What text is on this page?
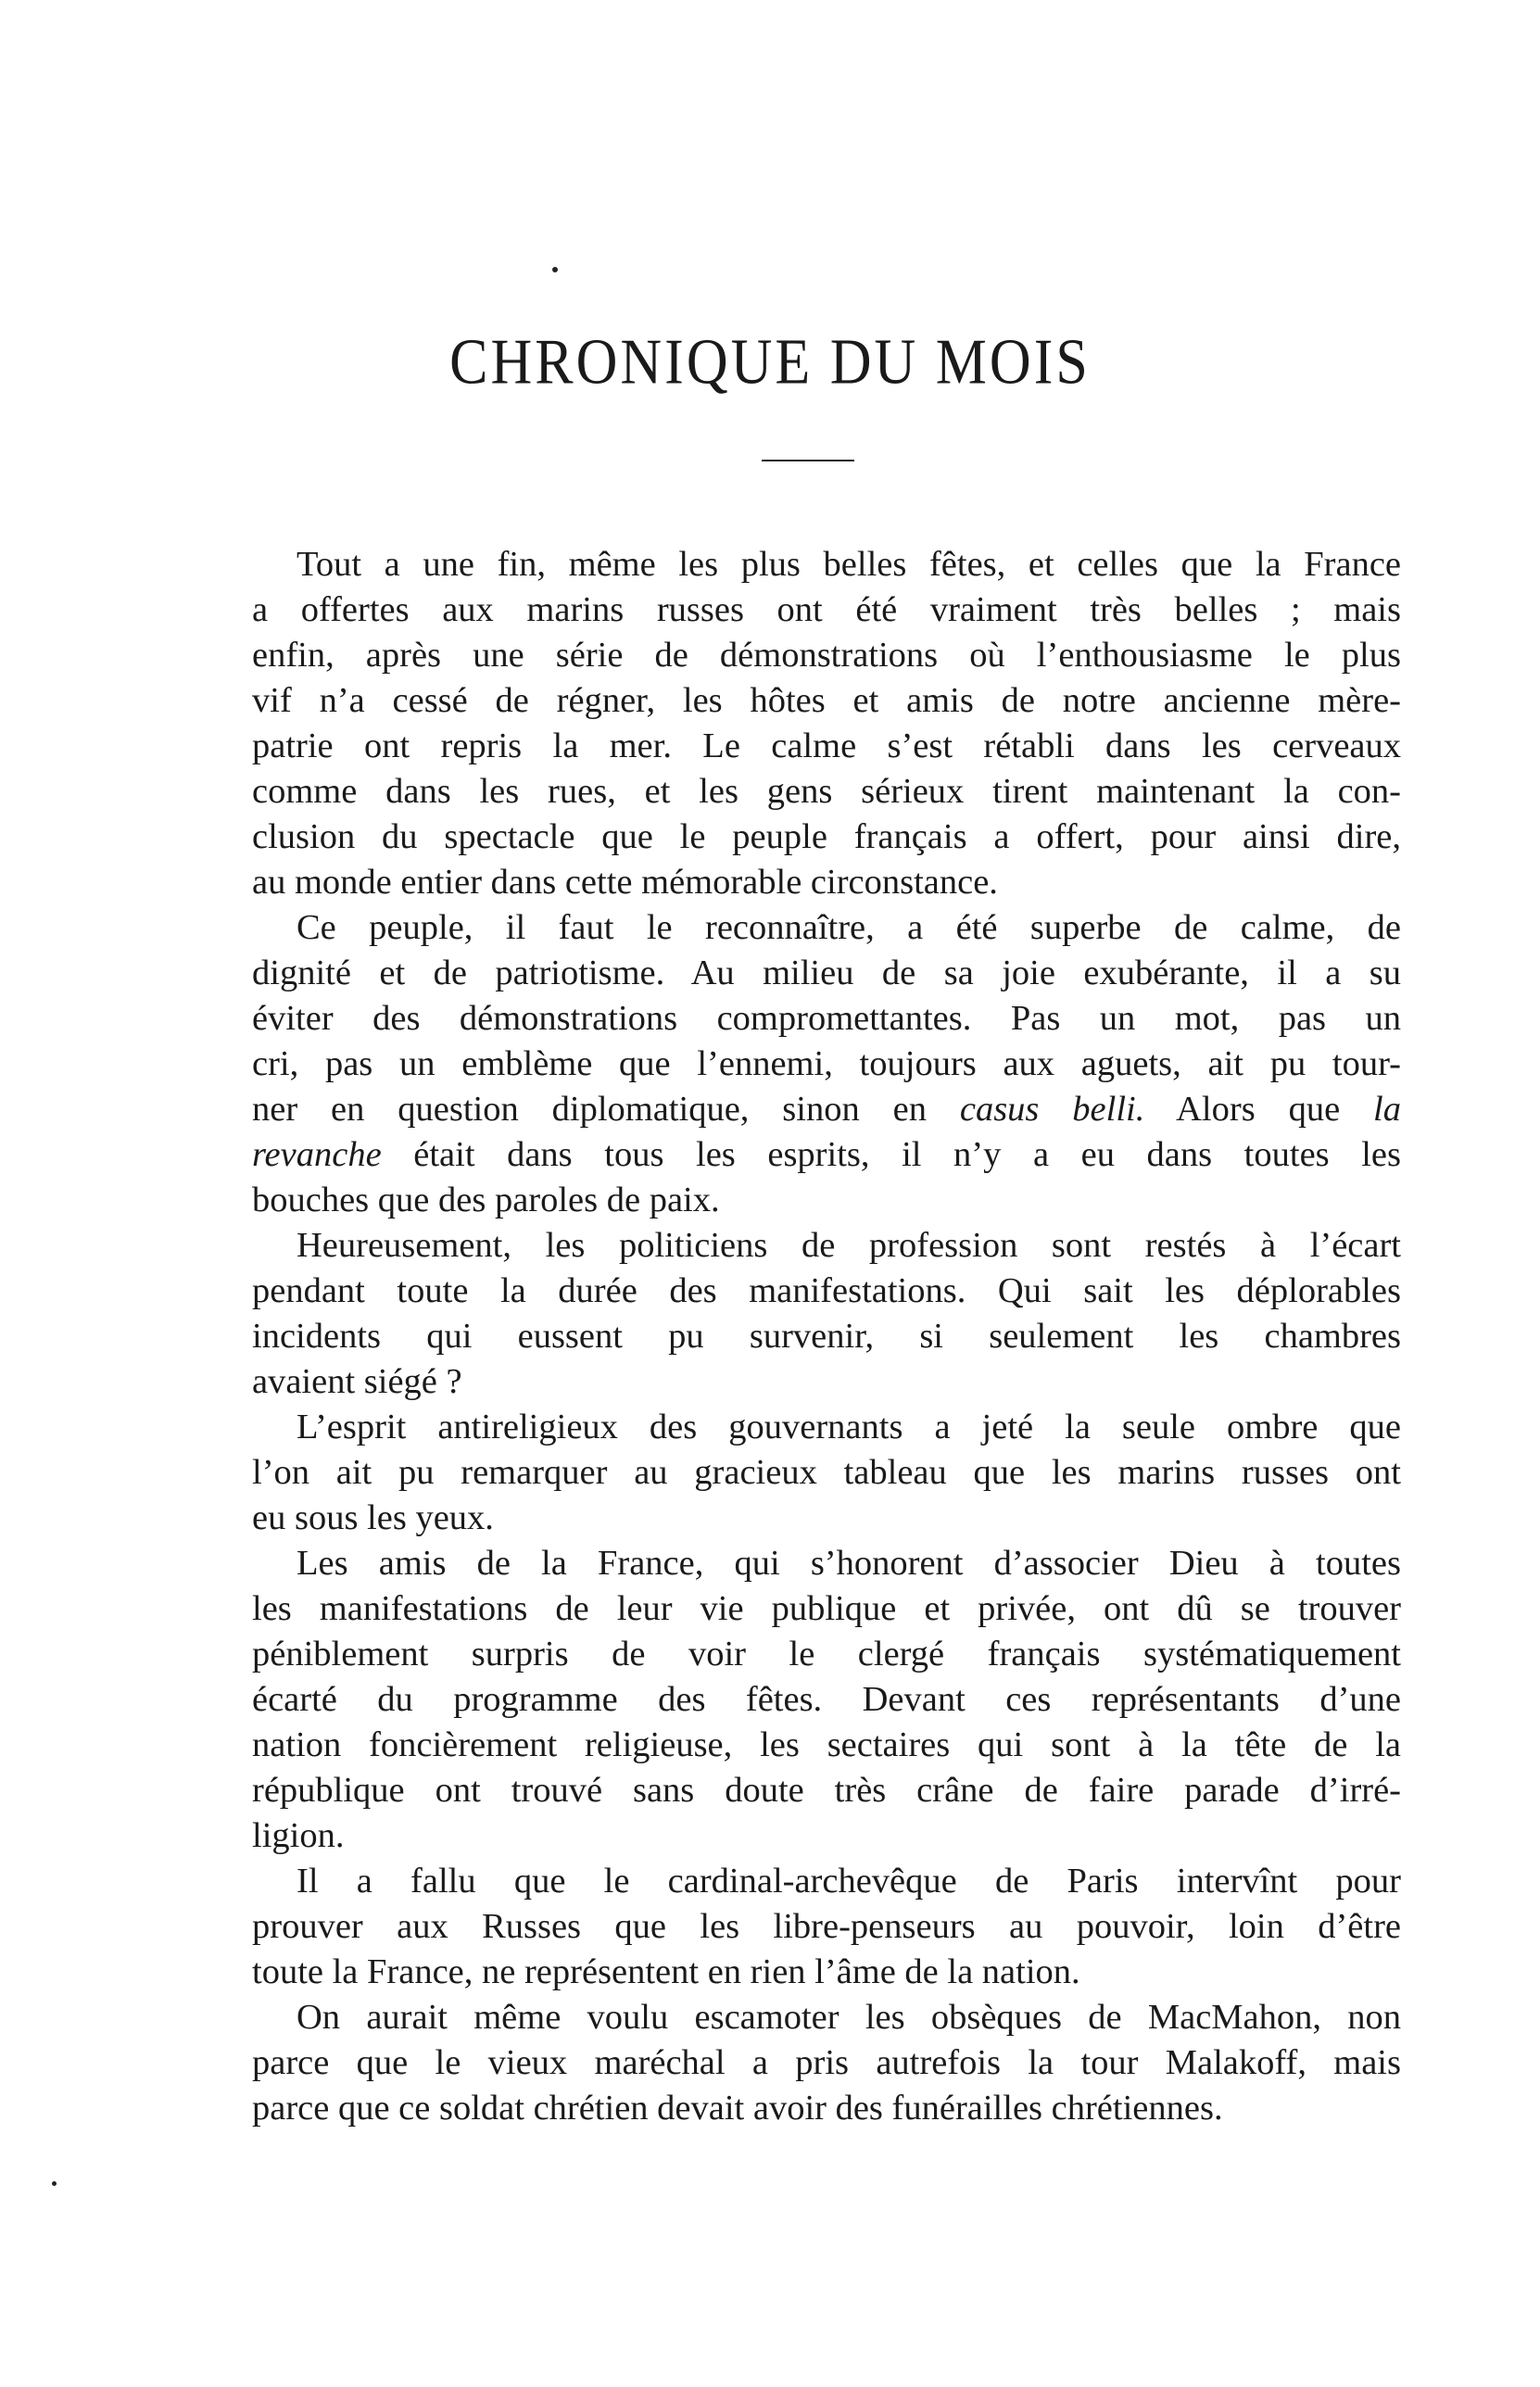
CHRONIQUE DU MOIS
Tout a une fin, même les plus belles fêtes, et celles que la France
a offertes aux marins russes ont été vraiment très belles ; mais
enfin, après une série de démonstrations où l’enthousiasme le plus
vif n’a cessé de régner, les hôtes et amis de notre ancienne mère-
patrie ont repris la mer. Le calme s’est rétabli dans les cerveaux
comme dans les rues, et les gens sérieux tirent maintenant la con-
clusion du spectacle que le peuple français a offert, pour ainsi dire,
au monde entier dans cette mémorable circonstance.
Ce peuple, il faut le reconnaître, a été superbe de calme, de
dignité et de patriotisme. Au milieu de sa joie exubérante, il a su
éviter des démonstrations compromettantes. Pas un mot, pas un
cri, pas un emblème que l’ennemi, toujours aux aguets, ait pu tour-
ner en question diplomatique, sinon en casus belli. Alors que la
revanche était dans tous les esprits, il n’y a eu dans toutes les
bouches que des paroles de paix.
Heureusement, les politiciens de profession sont restés à l’écart
pendant toute la durée des manifestations. Qui sait les déplorables
incidents qui eussent pu survenir, si seulement les chambres
avaient siégé ?
L’esprit antireligieux des gouvernants a jeté la seule ombre que
l’on ait pu remarquer au gracieux tableau que les marins russes ont
eu sous les yeux.
Les amis de la France, qui s’honorent d’associer Dieu à toutes
les manifestations de leur vie publique et privée, ont dû se trouver
péniblement surpris de voir le clergé français systématiquement
écarté du programme des fêtes. Devant ces représentants d’une
nation foncièrement religieuse, les sectaires qui sont à la tête de la
république ont trouvé sans doute très crâne de faire parade d’irré-
ligion.
Il a fallu que le cardinal-archevêque de Paris intervînt pour
prouver aux Russes que les libre-penseurs au pouvoir, loin d’être
toute la France, ne représentent en rien l’âme de la nation.
On aurait même voulu escamoter les obsèques de MacMahon, non
parce que le vieux maréchal a pris autrefois la tour Malakoff, mais
parce que ce soldat chrétien devait avoir des funérailles chrétiennes.
